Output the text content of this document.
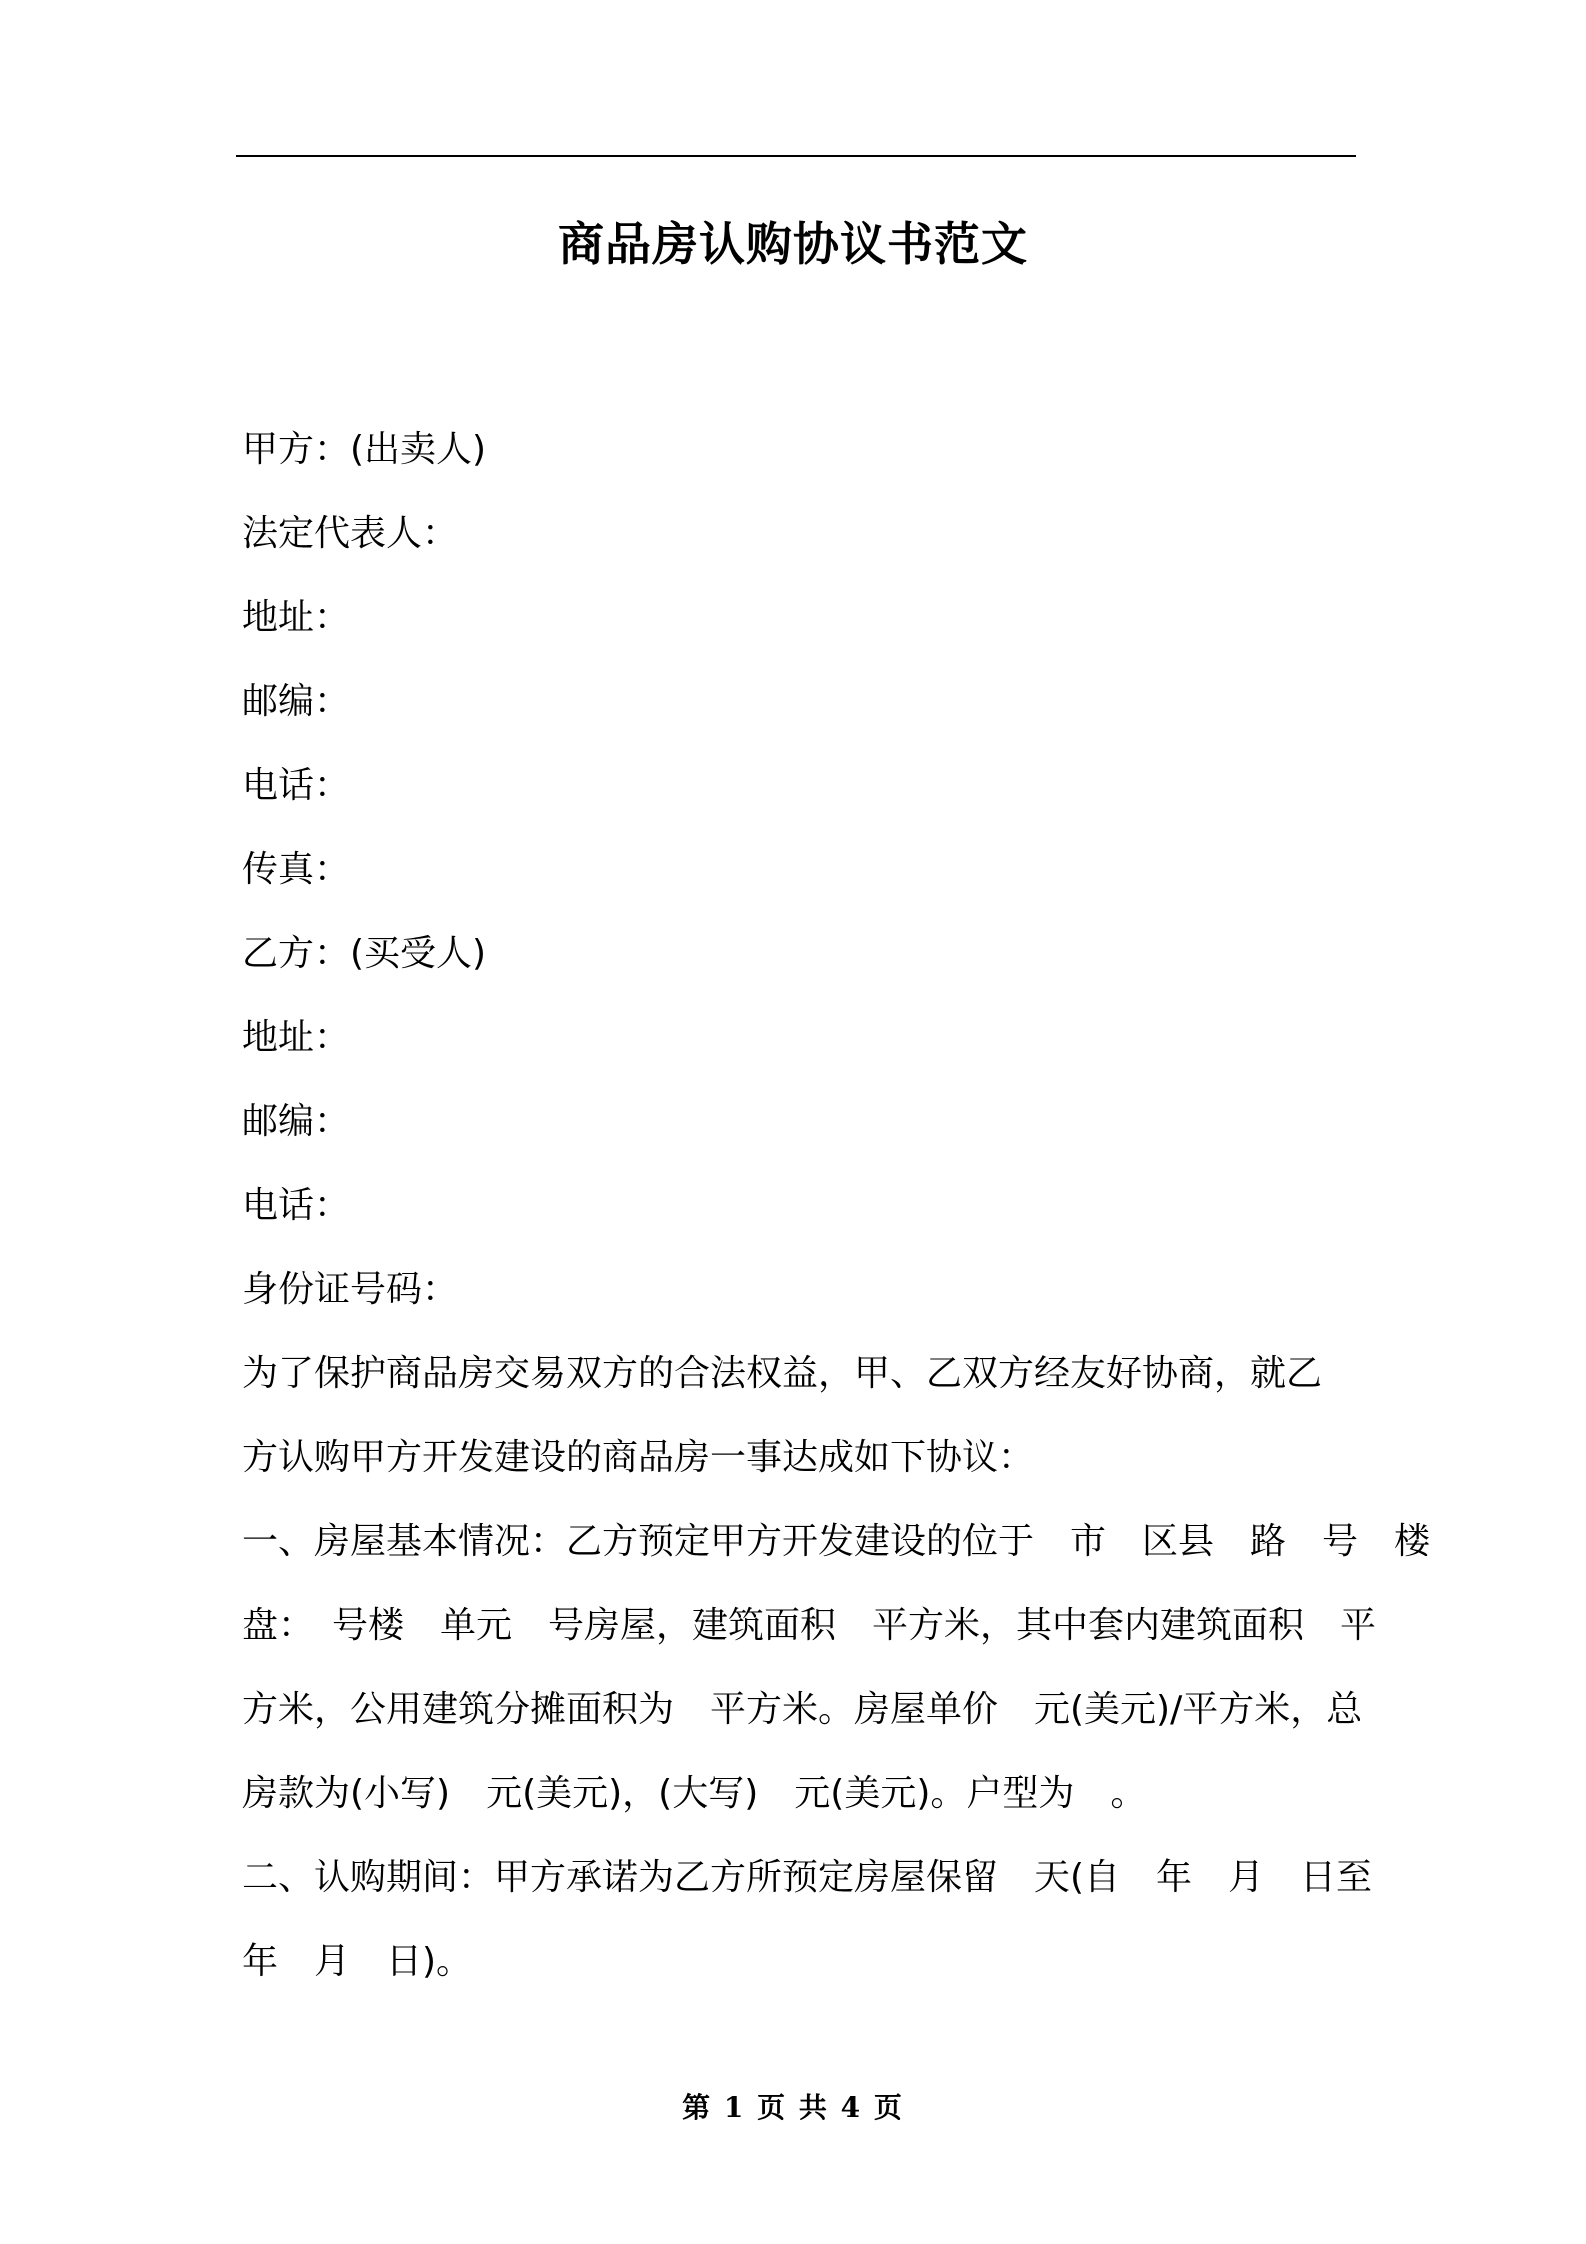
商品房认购协议书范文
甲方：(出卖人)
法定代表人：
地址：
邮编：
电话：
传真：
乙方：(买受人)
地址：
邮编：
电话：
身份证号码：
为了保护商品房交易双方的合法权益，甲、乙双方经友好协商，就乙
方认购甲方开发建设的商品房一事达成如下协议：
一、房屋基本情况：乙方预定甲方开发建设的位于　市　区县　路　号　楼
盘：　号楼　单元　号房屋，建筑面积　平方米，其中套内建筑面积　平
方米，公用建筑分摊面积为　平方米。房屋单价　元(美元)/平方米，总
房款为(小写)　元(美元)，(大写)　元(美元)。户型为　。
二、认购期间：甲方承诺为乙方所预定房屋保留　天(自　年　月　日至
年　月　日)。
第 1 页 共 4 页
